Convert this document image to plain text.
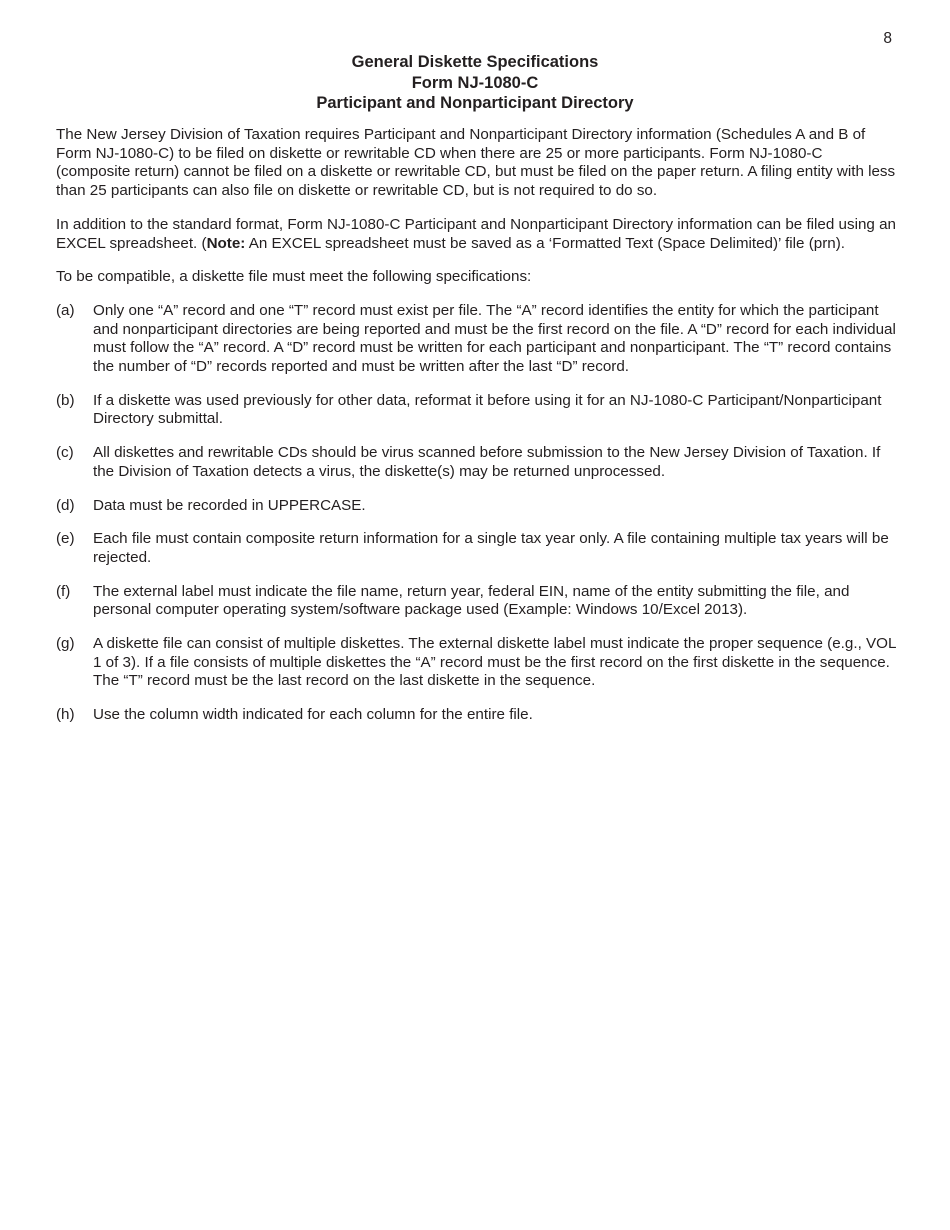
8
General Diskette Specifications
Form NJ-1080-C
Participant and Nonparticipant Directory

The New Jersey Division of Taxation requires Participant and Nonparticipant Directory information (Schedules A and B of Form NJ-1080-C) to be filed on diskette or rewritable CD when there are 25 or more participants. Form NJ-1080-C (composite return) cannot be filed on a diskette or rewritable CD, but must be filed on the paper return. A filing entity with less than 25 participants can also file on diskette or rewritable CD, but is not required to do so.

In addition to the standard format, Form NJ-1080-C Participant and Nonparticipant Directory information can be filed using an EXCEL spreadsheet. (Note: An EXCEL spreadsheet must be saved as a ‘Formatted Text (Space Delimited)’ file (prn).

To be compatible, a diskette file must meet the following specifications:

(a)	Only one “A” record and one “T” record must exist per file. The “A” record identifies the entity for which the participant and nonparticipant directories are being reported and must be the first record on the file. A “D” record for each individual must follow the “A” record. A “D” record must be written for each participant and nonparticipant. The “T” record contains the number of “D” records reported and must be written after the last “D” record.
(b)	If a diskette was used previously for other data, reformat it before using it for an NJ-1080-C Participant/Nonparticipant Directory submittal.
(c)	All diskettes and rewritable CDs should be virus scanned before submission to the New Jersey Division of Taxation. If the Division of Taxation detects a virus, the diskette(s) may be returned unprocessed.
(d)	Data must be recorded in UPPERCASE.
(e)	Each file must contain composite return information for a single tax year only. A file containing multiple tax years will be rejected.
(f)	The external label must indicate the file name, return year, federal EIN, name of the entity submitting the file, and personal computer operating system/software package used (Example: Windows 10/Excel 2013).
(g)	A diskette file can consist of multiple diskettes. The external diskette label must indicate the proper sequence (e.g., VOL 1 of 3). If a file consists of multiple diskettes the “A” record must be the first record on the first diskette in the sequence. The “T” record must be the last record on the last diskette in the sequence.
(h)	Use the column width indicated for each column for the entire file.
